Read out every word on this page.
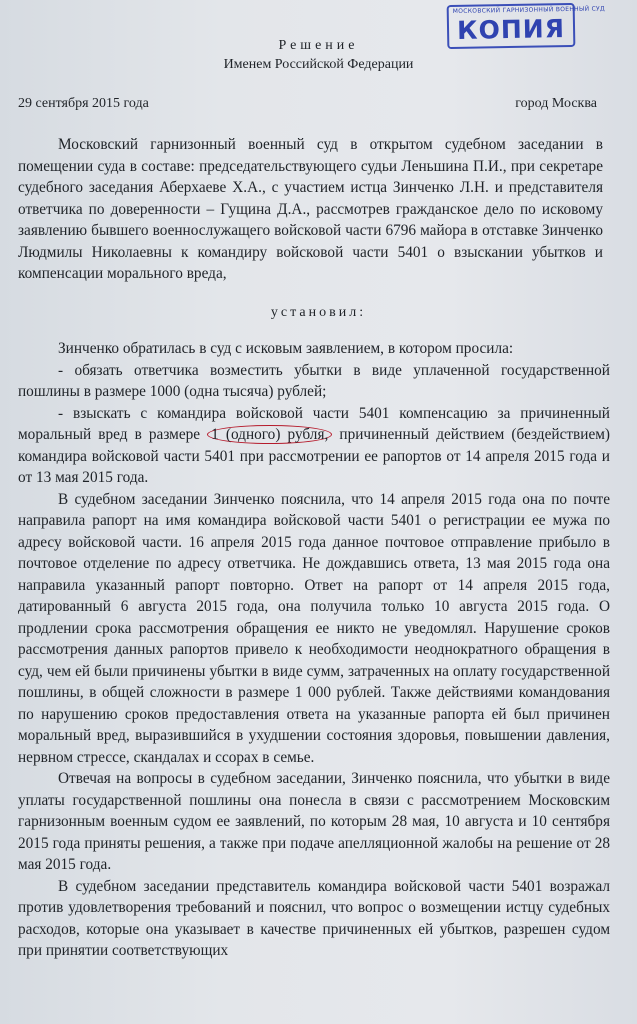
МОСКОВСКИЙ ГАРНИЗОННЫЙ ВОЕННЫЙ СУД
КОПИЯ
Решение
Именем Российской Федерации
29 сентября 2015 года	город Москва

Московский гарнизонный военный суд в открытом судебном заседании в помещении суда в составе: председательствующего судьи Леньшина П.И., при секретаре судебного заседания Аберхаеве Х.А., с участием истца Зинченко Л.Н. и представителя ответчика по доверенности – Гущина Д.А., рассмотрев гражданское дело по исковому заявлению бывшего военнослужащего войсковой части 6796 майора в отставке Зинченко Людмилы Николаевны к командиру войсковой части 5401 о взыскании убытков и компенсации морального вреда,

установил:

Зинченко обратилась в суд с исковым заявлением, в котором просила:

- обязать ответчика возместить убытки в виде уплаченной государственной пошлины в размере 1000 (одна тысяча) рублей;

- взыскать с командира войсковой части 5401 компенсацию за причиненный моральный вред в размере 1 (одного) рубля, причиненный действием (бездействием) командира войсковой части 5401 при рассмотрении ее рапортов от 14 апреля 2015 года и от 13 мая 2015 года.

В судебном заседании Зинченко пояснила, что 14 апреля 2015 года она по почте направила рапорт на имя командира войсковой части 5401 о регистрации ее мужа по адресу войсковой части. 16 апреля 2015 года данное почтовое отправление прибыло в почтовое отделение по адресу ответчика. Не дождавшись ответа, 13 мая 2015 года она направила указанный рапорт повторно. Ответ на рапорт от 14 апреля 2015 года, датированный 6 августа 2015 года, она получила только 10 августа 2015 года. О продлении срока рассмотрения обращения ее никто не уведомлял. Нарушение сроков рассмотрения данных рапортов привело к необходимости неоднократного обращения в суд, чем ей были причинены убытки в виде сумм, затраченных на оплату государственной пошлины, в общей сложности в размере 1 000 рублей. Также действиями командования по нарушению сроков предоставления ответа на указанные рапорта ей был причинен моральный вред, выразившийся в ухудшении состояния здоровья, повышении давления, нервном стрессе, скандалах и ссорах в семье.

Отвечая на вопросы в судебном заседании, Зинченко пояснила, что убытки в виде уплаты государственной пошлины она понесла в связи с рассмотрением Московским гарнизонным военным судом ее заявлений, по которым 28 мая, 10 августа и 10 сентября 2015 года приняты решения, а также при подаче апелляционной жалобы на решение от 28 мая 2015 года.

В судебном заседании представитель командира войсковой части 5401 возражал против удовлетворения требований и пояснил, что вопрос о возмещении истцу судебных расходов, которые она указывает в качестве причиненных ей убытков, разрешен судом при принятии соответствующих
